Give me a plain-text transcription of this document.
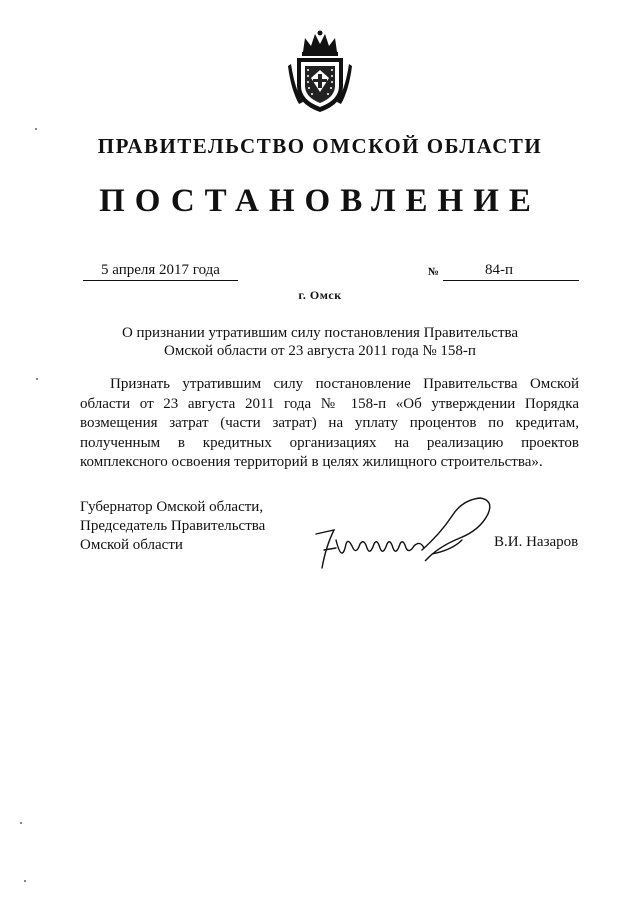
ПРАВИТЕЛЬСТВО ОМСКОЙ ОБЛАСТИ
ПОСТАНОВЛЕНИЕ
5 апреля 2017 года	№	84-п
г. Омск
О признании утратившим силу постановления Правительства
Омской области от 23 августа 2011 года № 158-п
Признать утратившим силу постановление Правительства Омской
области от 23 августа 2011 года № 158-п «Об утверждении Порядка
возмещения затрат (части затрат) на уплату процентов по кредитам,
полученным в кредитных организациях на реализацию проектов
комплексного освоения территорий в целях жилищного строительства».
Губернатор Омской области,
Председатель Правительства
Омской области	В.И. Назаров
